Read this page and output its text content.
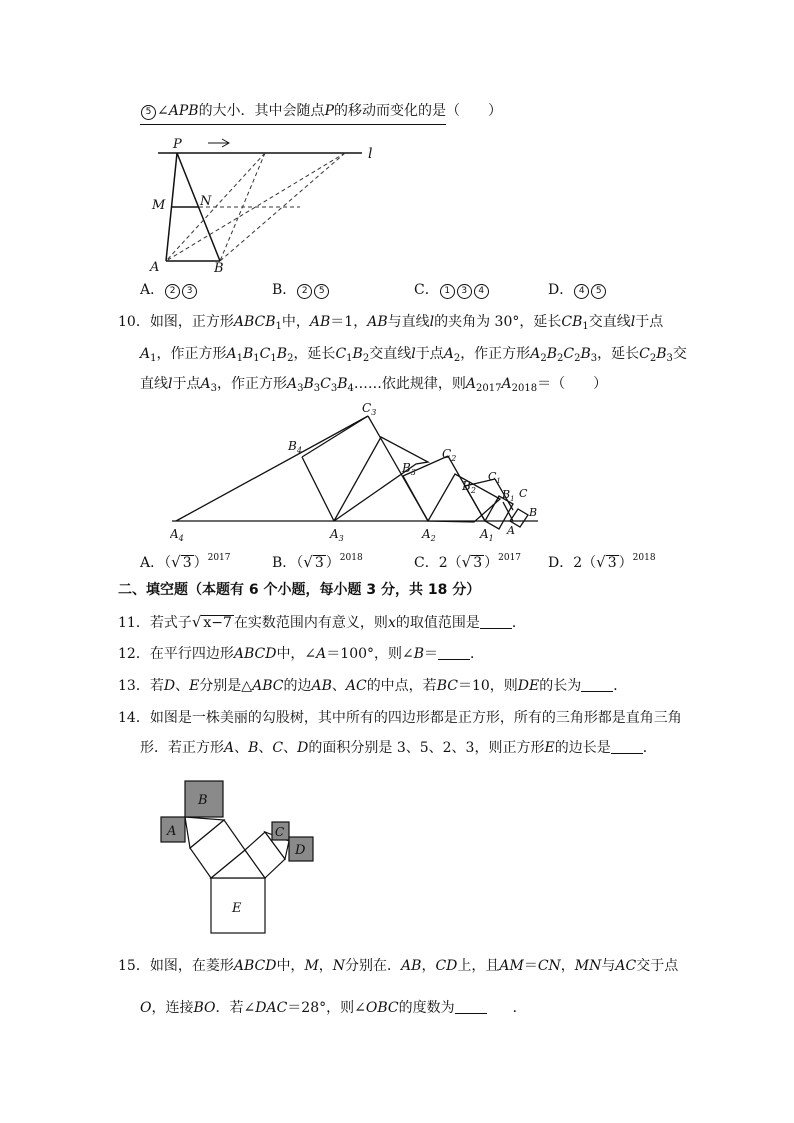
5 ∠APB的大小．其中会随点P的移动而变化的是（　　）
P
M	N
A	B
l
A． 2 3	B． 2 5	C． 1 3 4	D． 4 5
10．如图，正方形$ABCB_1$中，AB＝1，AB与直线l的夹角为 30°，延长$CB_1$交直线l于点
$A_1$，作正方形$A_1B_1C_1B_2$，延长$C_1B_2$交直线l于点$A_2$，作正方形$A_2B_2C_2B_3$，延长$C_2B_3$交
直线l于点$A_3$，作正方形$A_3B_3C_3B_4\dots\dots$依此规律，则$A_{2017}A_{2018}=$（　　）
$A_4$	$A_3$	$A_2$	$A_1$
A
$B_4$
$B_3$
$B_2$ $B_1$
B
$C_3$
$C_2$
$C_1$
C
A．（√ 3 ）$^{2017}$	B．（√ 3 ）$^{2018}$	C．2（√ 3 ）$^{2017}$ D．2（√ 3 ）$^{2018}$
二、填空题（本题有 6 个小题，每小题 3 分，共 18 分）
11．若式子√ x−7 在实数范围内有意义，则x的取值范围是 ．
12．在平行四边形ABCD中，∠A＝100°，则∠B＝ ．
13．若D、E分别是△ABC的边AB、AC的中点，若BC＝10，则DE的长为 ．
14．如图是一株美丽的勾股树，其中所有的四边形都是正方形，所有的三角形都是直角三角
形．若正方形A、B、C、D的面积分别是 3、5、2、3，则正方形E的边长是 ．
A
B
C
D
E
15．如图，在菱形ABCD中，M，N分别在．AB，CD上，且AM＝CN，MN与AC交于点
O，连接BO．若∠DAC＝28°，则∠OBC的度数为	．
